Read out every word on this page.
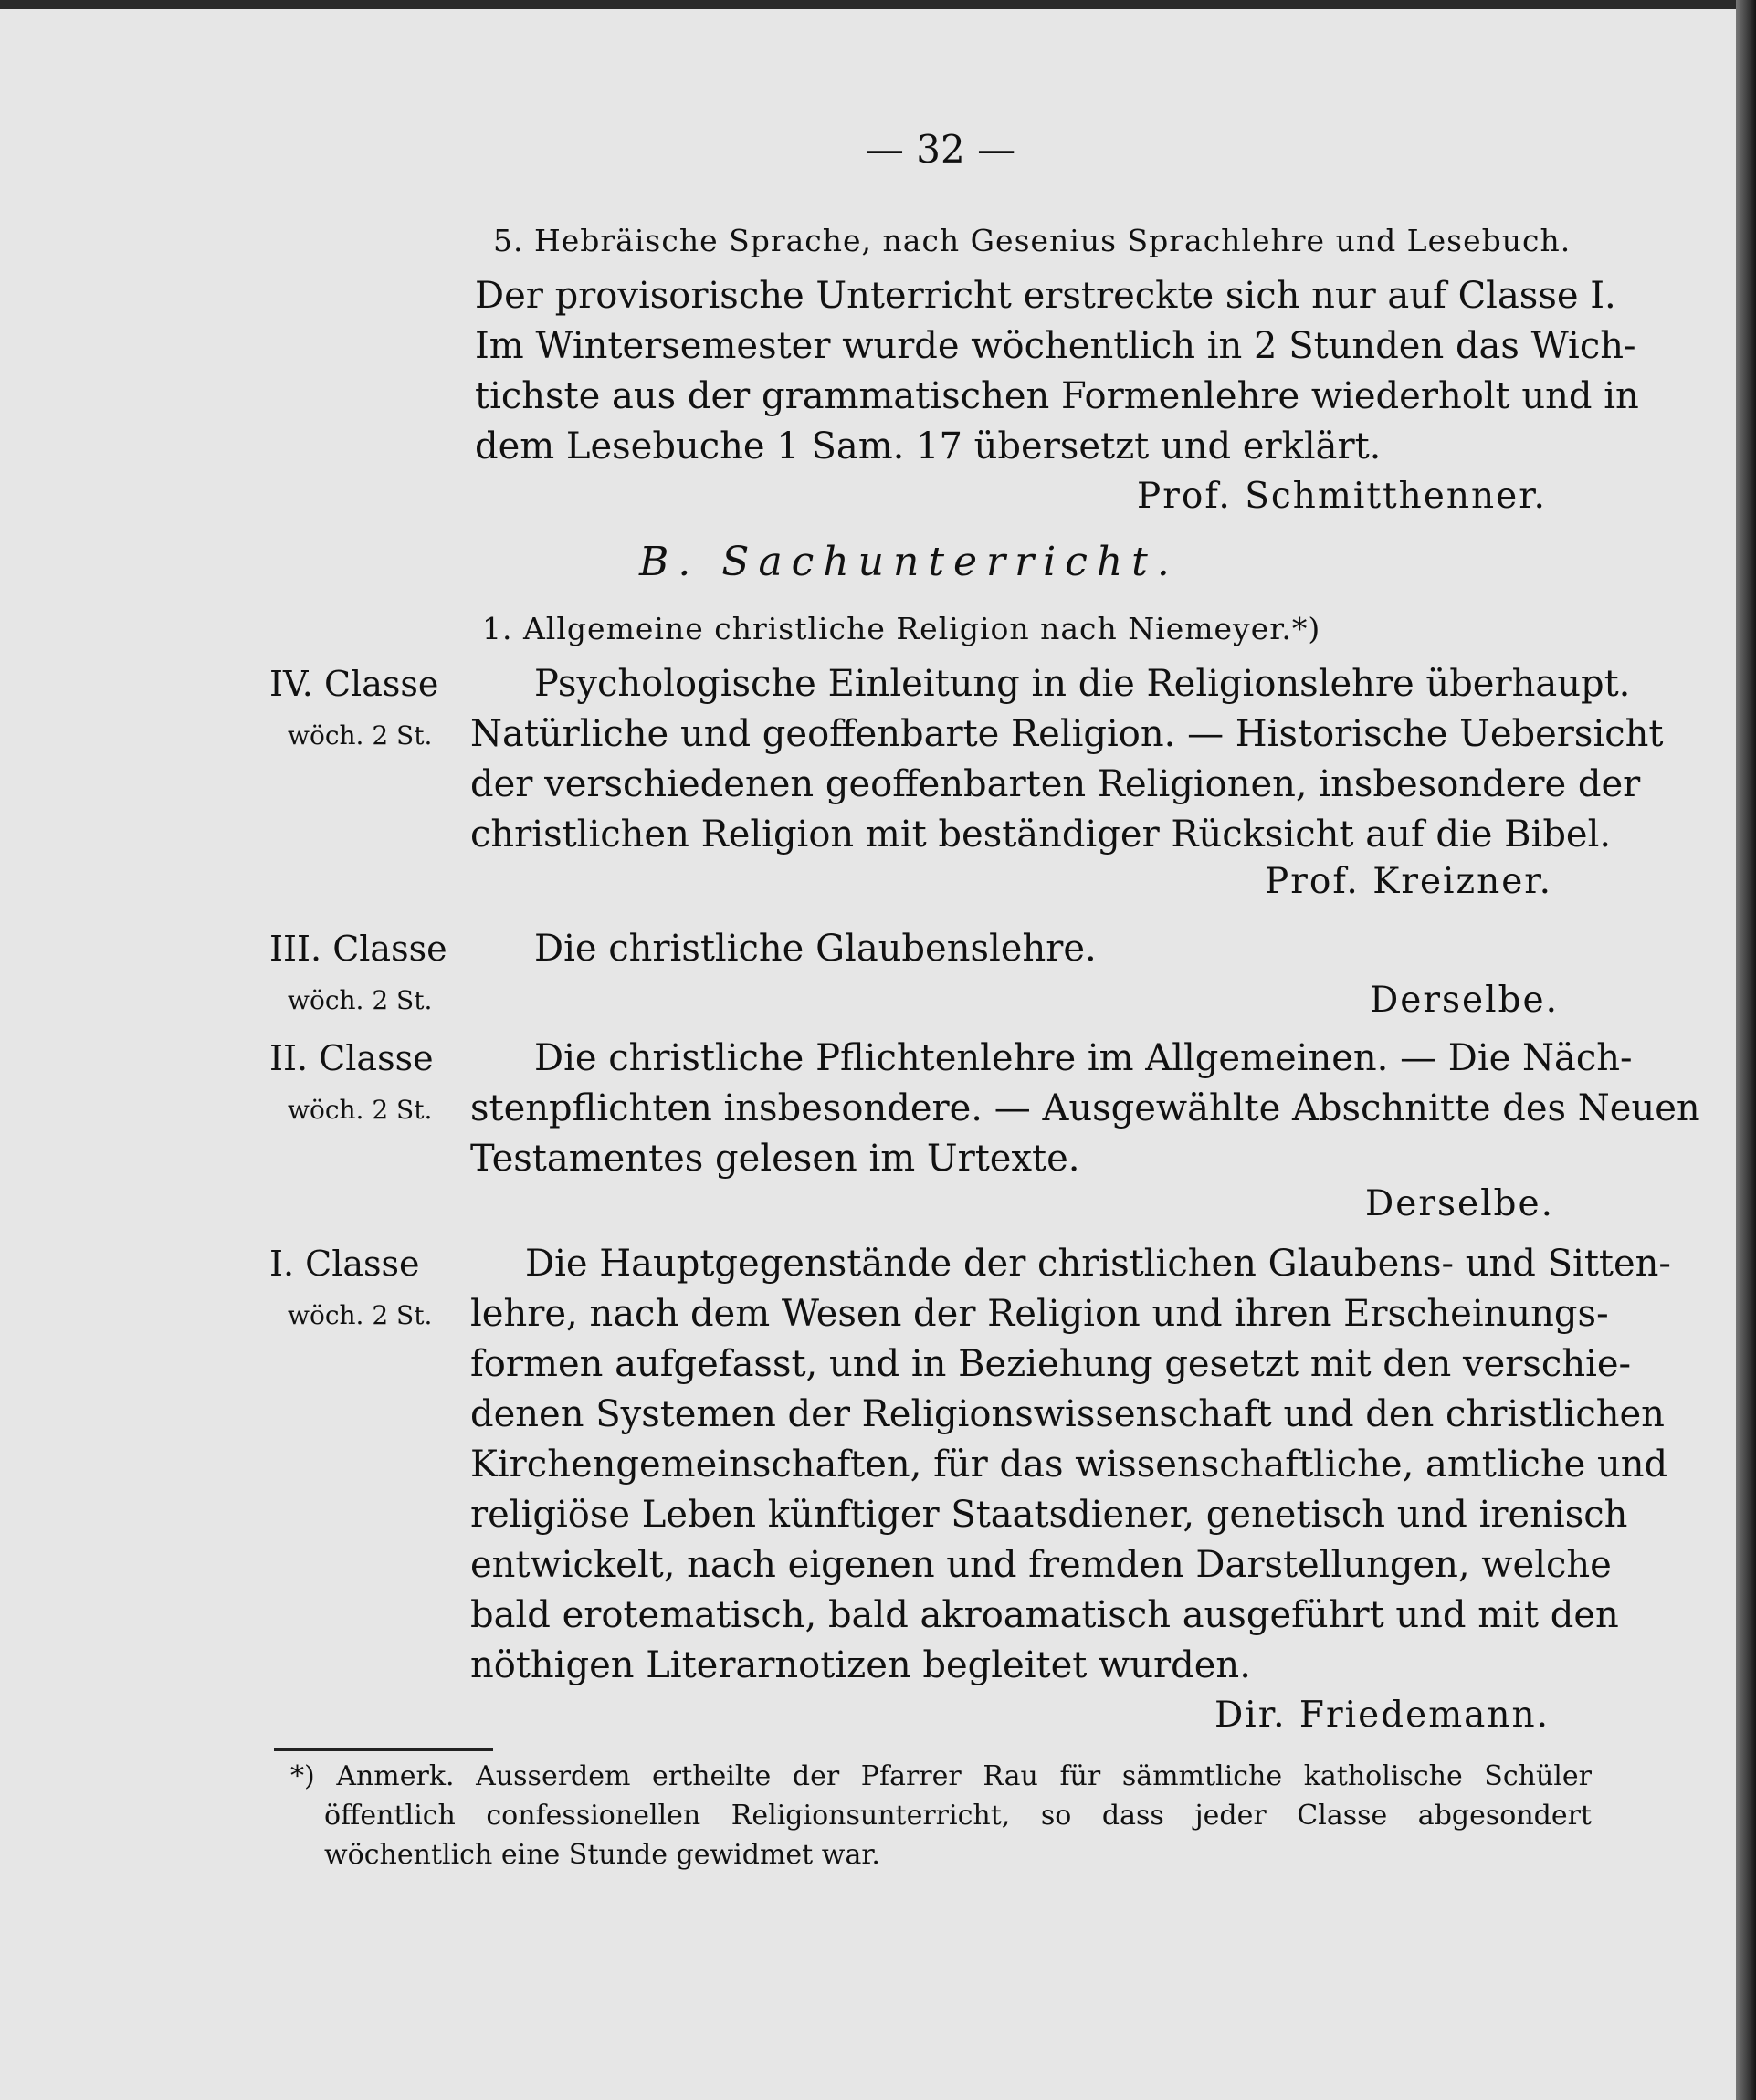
— 32 —
5. Hebräische Sprache, nach Gesenius Sprachlehre und Lesebuch.
Der provisorische Unterricht erstreckte sich nur auf Classe I.
Im Wintersemester wurde wöchentlich in 2 Stunden das Wich-
tichste aus der grammatischen Formenlehre wiederholt und in
dem Lesebuche 1 Sam. 17 übersetzt und erklärt.
Prof. Schmitthenner.
B. Sachunterricht.
1. Allgemeine christliche Religion nach Niemeyer.*)
IV. Classe
wöch. 2 St.
Psychologische Einleitung in die Religionslehre überhaupt.
Natürliche und geoffenbarte Religion. — Historische Uebersicht
der verschiedenen geoffenbarten Religionen, insbesondere der
christlichen Religion mit beständiger Rücksicht auf die Bibel.
Prof. Kreizner.
III. Classe
wöch. 2 St.
Die christliche Glaubenslehre.
Derselbe.
II. Classe
wöch. 2 St.
Die christliche Pflichtenlehre im Allgemeinen. — Die Näch-
stenpflichten insbesondere. — Ausgewählte Abschnitte des Neuen
Testamentes gelesen im Urtexte.
Derselbe.
I. Classe
wöch. 2 St.
Die Hauptgegenstände der christlichen Glaubens- und Sitten-
lehre, nach dem Wesen der Religion und ihren Erscheinungs-
formen aufgefasst, und in Beziehung gesetzt mit den verschie-
denen Systemen der Religionswissenschaft und den christlichen
Kirchengemeinschaften, für das wissenschaftliche, amtliche und
religiöse Leben künftiger Staatsdiener, genetisch und irenisch
entwickelt, nach eigenen und fremden Darstellungen, welche
bald erotematisch, bald akroamatisch ausgeführt und mit den
nöthigen Literarnotizen begleitet wurden.
Dir. Friedemann.
*) Anmerk. Ausserdem ertheilte der Pfarrer Rau für sämmtliche katholische Schüler
öffentlich confessionellen Religionsunterricht, so dass jeder Classe abgesondert
wöchentlich eine Stunde gewidmet war.
